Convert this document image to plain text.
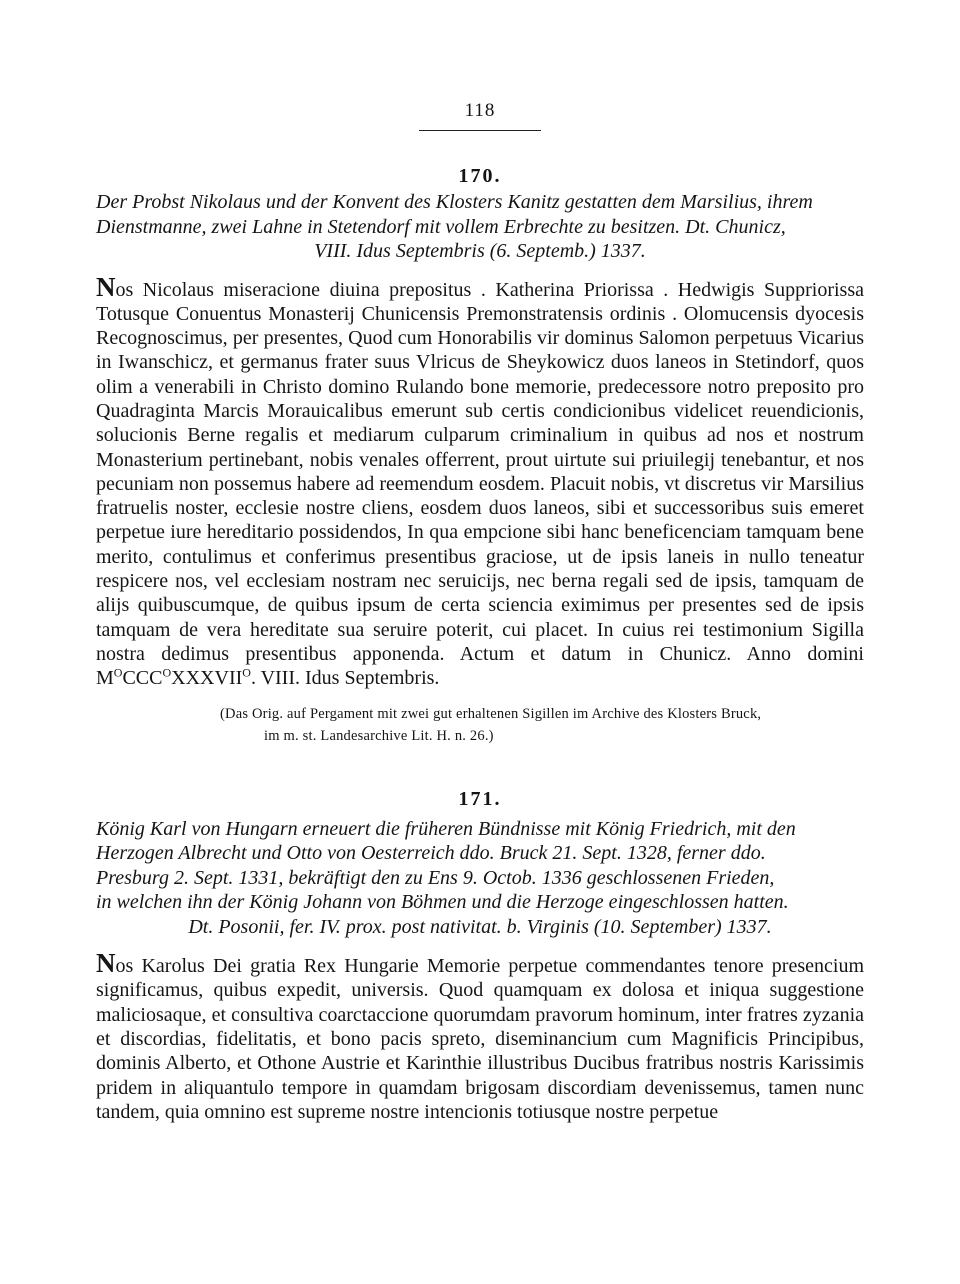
118
170.
Der Probst Nikolaus und der Konvent des Klosters Kanitz gestatten dem Marsilius, ihrem
Dienstmanne, zwei Lahne in Stetendorf mit vollem Erbrechte zu besitzen. Dt. Chunicz,
VIII. Idus Septembris (6. Septemb.) 1337.
Nos Nicolaus miseracione diuina prepositus . Katherina Priorissa . Hedwigis Suppriorissa Totusque Conuentus Monasterij Chunicensis Premonstratensis ordinis . Olomucensis dyocesis Recognoscimus, per presentes, Quod cum Honorabilis vir dominus Salomon perpetuus Vicarius in Iwanschicz, et germanus frater suus Vlricus de Sheykowicz duos laneos in Stetindorf, quos olim a venerabili in Christo domino Rulando bone memorie, predecessore notro preposito pro Quadraginta Marcis Morauicalibus emerunt sub certis condicionibus videlicet reuendicionis, solucionis Berne regalis et mediarum culparum criminalium in quibus ad nos et nostrum Monasterium pertinebant, nobis venales offerrent, prout uirtute sui priuilegij tenebantur, et nos pecuniam non possemus habere ad reemendum eosdem. Placuit nobis, vt discretus vir Marsilius fratruelis noster, ecclesie nostre cliens, eosdem duos laneos, sibi et successoribus suis emeret perpetue iure hereditario possidendos, In qua empcione sibi hanc beneficenciam tamquam bene merito, contulimus et conferimus presentibus graciose, ut de ipsis laneis in nullo teneatur respicere nos, vel ecclesiam nostram nec seruicijs, nec berna regali sed de ipsis, tamquam de alijs quibuscumque, de quibus ipsum de certa sciencia eximimus per presentes sed de ipsis tamquam de vera hereditate sua seruire poterit, cui placet. In cuius rei testimonium Sigilla nostra dedimus presentibus apponenda. Actum et datum in Chunicz. Anno domini $M^OCCC^OXXXVII^O$. VIII. Idus Septembris.
(Das Orig. auf Pergament mit zwei gut erhaltenen Sigillen im Archive des Klosters Bruck,
im m. st. Landesarchive Lit. H. n. 26.)
171.
König Karl von Hungarn erneuert die früheren Bündnisse mit König Friedrich, mit den
Herzogen Albrecht und Otto von Oesterreich ddo. Bruck 21. Sept. 1328, ferner ddo.
Presburg 2. Sept. 1331, bekräftigt den zu Ens 9. Octob. 1336 geschlossenen Frieden,
in welchen ihn der König Johann von Böhmen und die Herzoge eingeschlossen hatten.
Dt. Posonii, fer. IV. prox. post nativitat. b. Virginis (10. September) 1337.
Nos Karolus Dei gratia Rex Hungarie Memorie perpetue commendantes tenore presencium significamus, quibus expedit, universis. Quod quamquam ex dolosa et iniqua suggestione maliciosaque, et consultiva coarctaccione quorumdam pravorum hominum, inter fratres zyzania et discordias, fidelitatis, et bono pacis spreto, diseminancium cum Magnificis Principibus, dominis Alberto, et Othone Austrie et Karinthie illustribus Ducibus fratribus nostris Karissimis pridem in aliquantulo tempore in quamdam brigosam discordiam devenissemus, tamen nunc tandem, quia omnino est supreme nostre intencionis totiusque nostre perpetue
